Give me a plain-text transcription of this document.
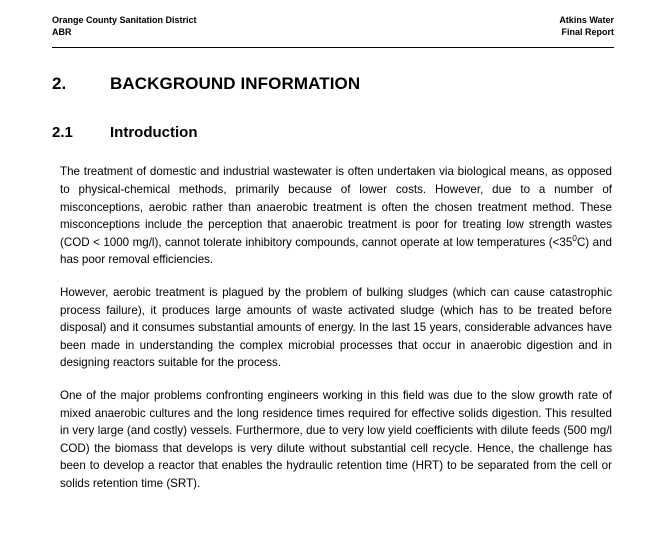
Orange County Sanitation District
ABR
Atkins Water
Final Report
2.	BACKGROUND INFORMATION
2.1	Introduction

The treatment of domestic and industrial wastewater is often undertaken via biological means, as opposed to physical-chemical methods, primarily because of lower costs. However, due to a number of misconceptions, aerobic rather than anaerobic treatment is often the chosen treatment method. These misconceptions include the perception that anaerobic treatment is poor for treating low strength wastes (COD < 1000 mg/l), cannot tolerate inhibitory compounds, cannot operate at low temperatures $(<35^0C)$ and has poor removal efficiencies.

However, aerobic treatment is plagued by the problem of bulking sludges (which can cause catastrophic process failure), it produces large amounts of waste activated sludge (which has to be treated before disposal) and it consumes substantial amounts of energy. In the last 15 years, considerable advances have been made in understanding the complex microbial processes that occur in anaerobic digestion and in designing reactors suitable for the process.

One of the major problems confronting engineers working in this field was due to the slow growth rate of mixed anaerobic cultures and the long residence times required for effective solids digestion. This resulted in very large (and costly) vessels. Furthermore, due to very low yield coefficients with dilute feeds (500 mg/l COD) the biomass that develops is very dilute without substantial cell recycle. Hence, the challenge has been to develop a reactor that enables the hydraulic retention time (HRT) to be separated from the cell or solids retention time (SRT).
